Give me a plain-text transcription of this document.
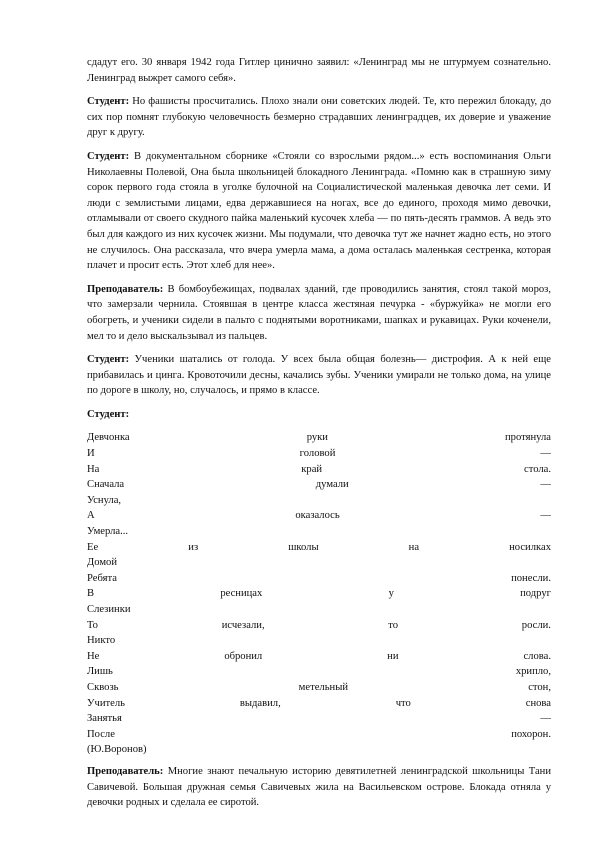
сдадут его. 30 января 1942 года Гитлер цинично заявил: «Ленинград мы не штурмуем сознательно. Ленинград выжрет самого себя».

Студент: Но фашисты просчитались. Плохо знали они советских людей. Те, кто пережил блокаду, до сих пор помнят глубокую человечность безмерно страдавших ленинградцев, их доверие и уважение друг к другу.

Студент: В документальном сборнике «Стояли со взрослыми рядом...» есть воспоминания Ольги Николаевны Полевой, Она была школьницей блокадного Ленинграда. «Помню как в страшную зиму сорок первого года стояла в уголке булочной на Социалистической маленькая девочка лет семи. И люди с землистыми лицами, едва державшиеся на ногах, все до единого, проходя мимо девочки, отламывали от своего скудного пайка маленький кусочек хлеба — по пять-десять граммов. А ведь это был для каждого из них кусочек жизни. Мы подумали, что девочка тут же начнет жадно есть, но этого не случилось. Она рассказала, что вчера умерла мама, а дома осталась маленькая сестренка, которая плачет и просит есть. Этот хлеб для нее».

Преподаватель: В бомбоубежищах, подвалах зданий, где проводились занятия, стоял такой мороз, что замерзали чернила. Стоявшая в центре класса жестяная печурка - «буржуйка» не могли его обогреть, и ученики сидели в пальто с поднятыми воротниками, шапках и рукавицах. Руки коченели, мел то и дело выскальзывал из пальцев.

Студент: Ученики шатались от голода. У всех была общая болезнь— дистрофия. А к ней еще прибавилась и цинга. Кровоточили десны, качались зубы. Ученики умирали не только дома, на улице по дороге в школу, но, случалось, и прямо в классе.

Студент:

Девчонка	руки	протянула
И	головой	—
На	край	стола.
Сначала	думали	—
Уснула,
А	оказалось	—
Умерла...
Ее	из	школы	на	носилках
Домой
Ребята	понесли.
В	ресницах	у	подруг
Слезинки
То	исчезали,	то	росли.
Никто
Не	обронил	ни	слова.
Лишь	хрипло,
Сквозь	метельный	стон,
Учитель	выдавил,	что	снова
Занятья	—
После	похорон.
(Ю.Воронов)

Преподаватель: Многие знают печальную историю девятилетней ленинградской школьницы Тани Савичевой. Большая дружная семья Савичевых жила на Васильевском острове. Блокада отняла у девочки родных и сделала ее сиротой.
